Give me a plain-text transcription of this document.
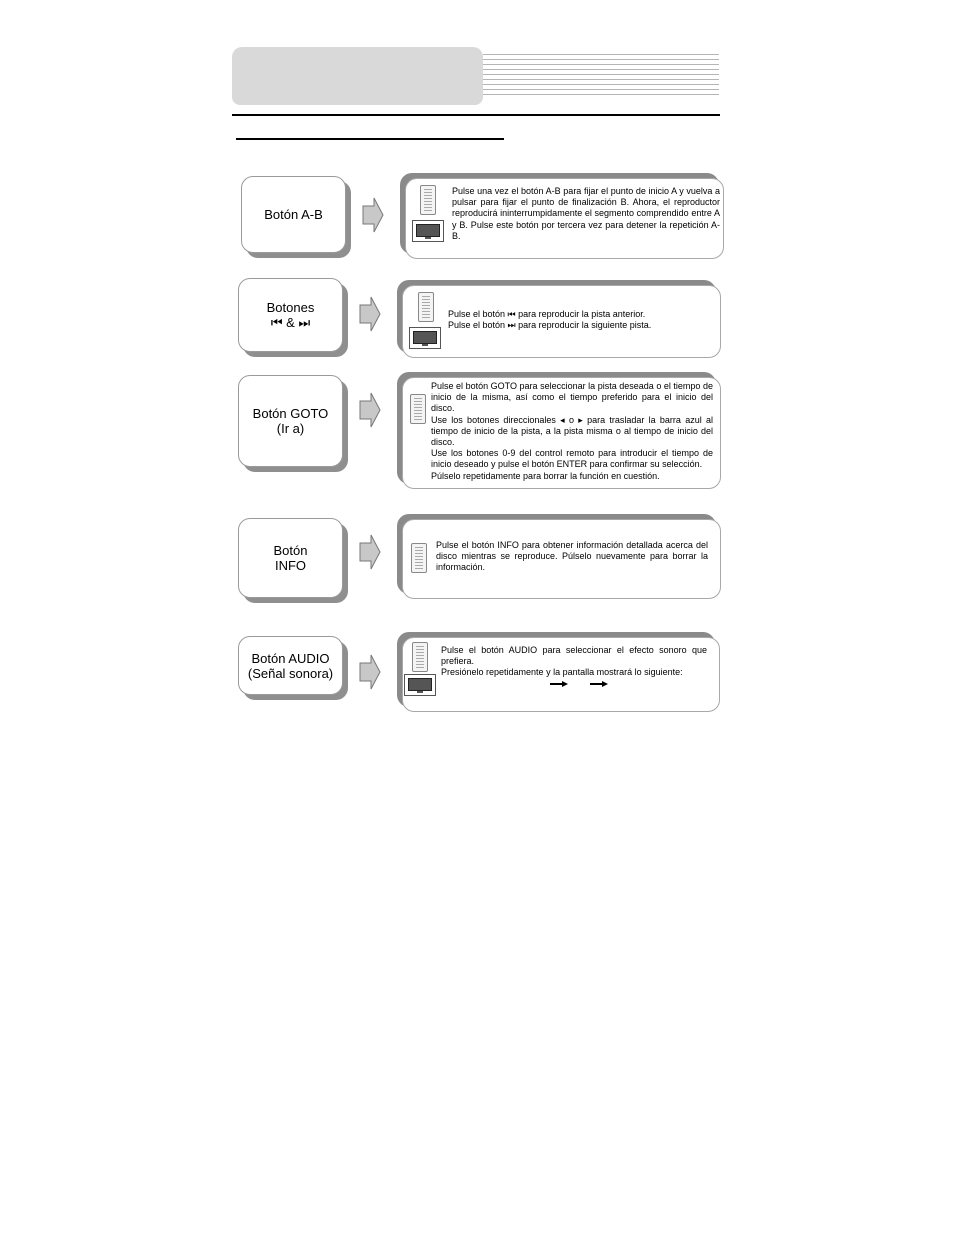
Botón A-B

Pulse una vez el botón A-B para fijar el punto de inicio A y vuelva a pulsar para fijar el punto de finalización B. Ahora, el reproductor reproducirá ininterrumpidamente el segmento comprendido entre A y B. Pulse este botón por tercera vez para detener la repetición A-B.

Botones
⏮ & ⏭

Pulse el botón ⏮ para reproducir la pista anterior.

Pulse el botón ⏭ para reproducir la siguiente pista.

Botón GOTO
(Ir a)

Pulse el botón GOTO para seleccionar la pista deseada o el tiempo de inicio de la misma, así como el tiempo preferido para el inicio del disco.

Use los botones direccionales ◂ o ▸ para trasladar la barra azul al tiempo de inicio de la pista, a la pista misma o al tiempo de inicio del disco.

Use los botones 0-9 del control remoto para introducir el tiempo de inicio deseado y pulse el botón ENTER para confirmar su selección.

Púlselo repetidamente para borrar la función en cuestión.

Botón
INFO

Pulse el botón INFO para obtener información detallada acerca del disco mientras se reproduce. Púlselo nuevamente para borrar la información.

Botón AUDIO
(Señal sonora)

Pulse el botón AUDIO para seleccionar el efecto sonoro que prefiera.

Presiónelo repetidamente y la pantalla mostrará lo siguiente:
